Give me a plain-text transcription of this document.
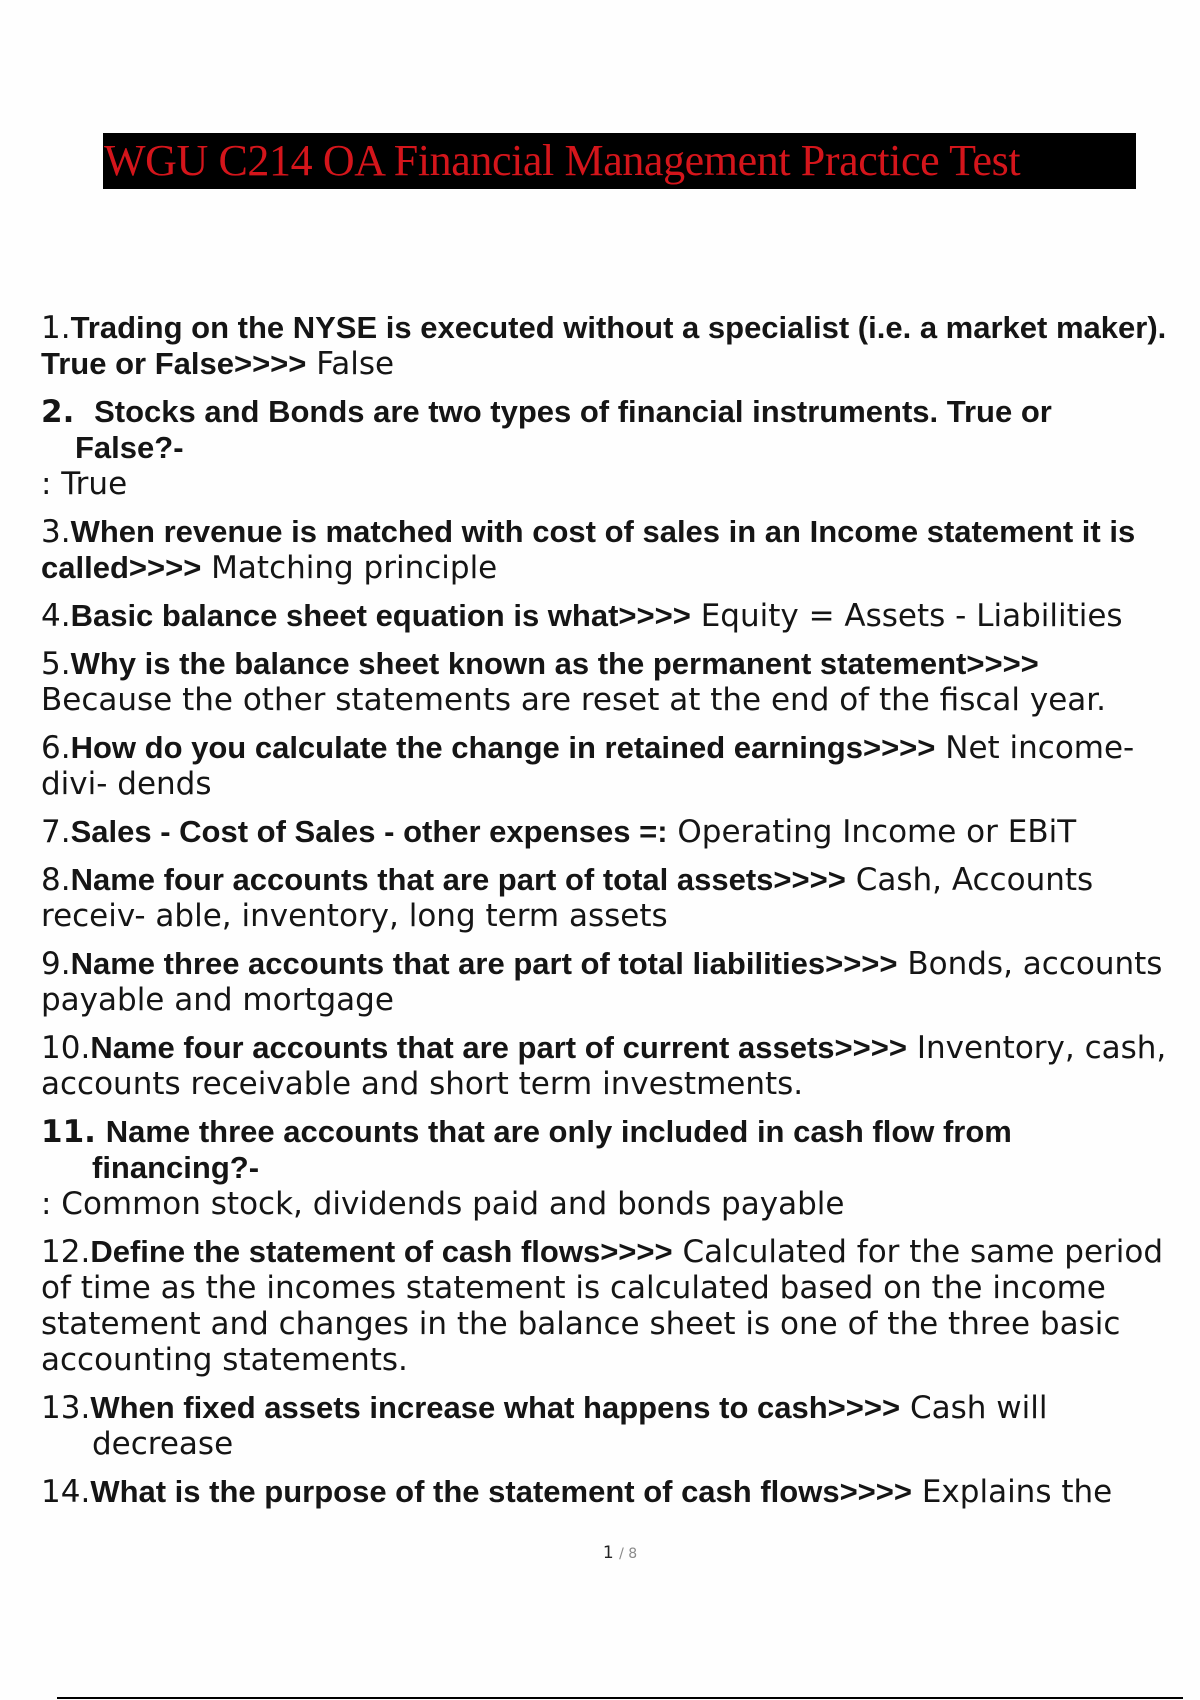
WGU C214 OA Financial Management Practice Test
1.Trading on the NYSE is executed without a specialist (i.e. a market maker). True or False>>>> False
2. Stocks and Bonds are two types of financial instruments. True or
False?-
: True
3.When revenue is matched with cost of sales in an Income statement it is called>>>> Matching principle
4.Basic balance sheet equation is what>>>> Equity = Assets - Liabilities
5.Why is the balance sheet known as the permanent statement>>>> Because the other statements are reset at the end of the fiscal year.
6.How do you calculate the change in retained earnings>>>> Net income-divi- dends
7.Sales - Cost of Sales - other expenses =: Operating Income or EBiT
8.Name four accounts that are part of total assets>>>> Cash, Accounts receiv- able, inventory, long term assets
9.Name three accounts that are part of total liabilities>>>> Bonds, accounts payable and mortgage
10.Name four accounts that are part of current assets>>>> Inventory, cash, accounts receivable and short term investments.
11. Name three accounts that are only included in cash flow from
financing?-
: Common stock, dividends paid and bonds payable
12.Define the statement of cash flows>>>> Calculated for the same period of time as the incomes statement is calculated based on the income statement and changes in the balance sheet is one of the three basic accounting statements.
13.When fixed assets increase what happens to cash>>>> Cash will
decrease
14.What is the purpose of the statement of cash flows>>>> Explains the
1 / 8
